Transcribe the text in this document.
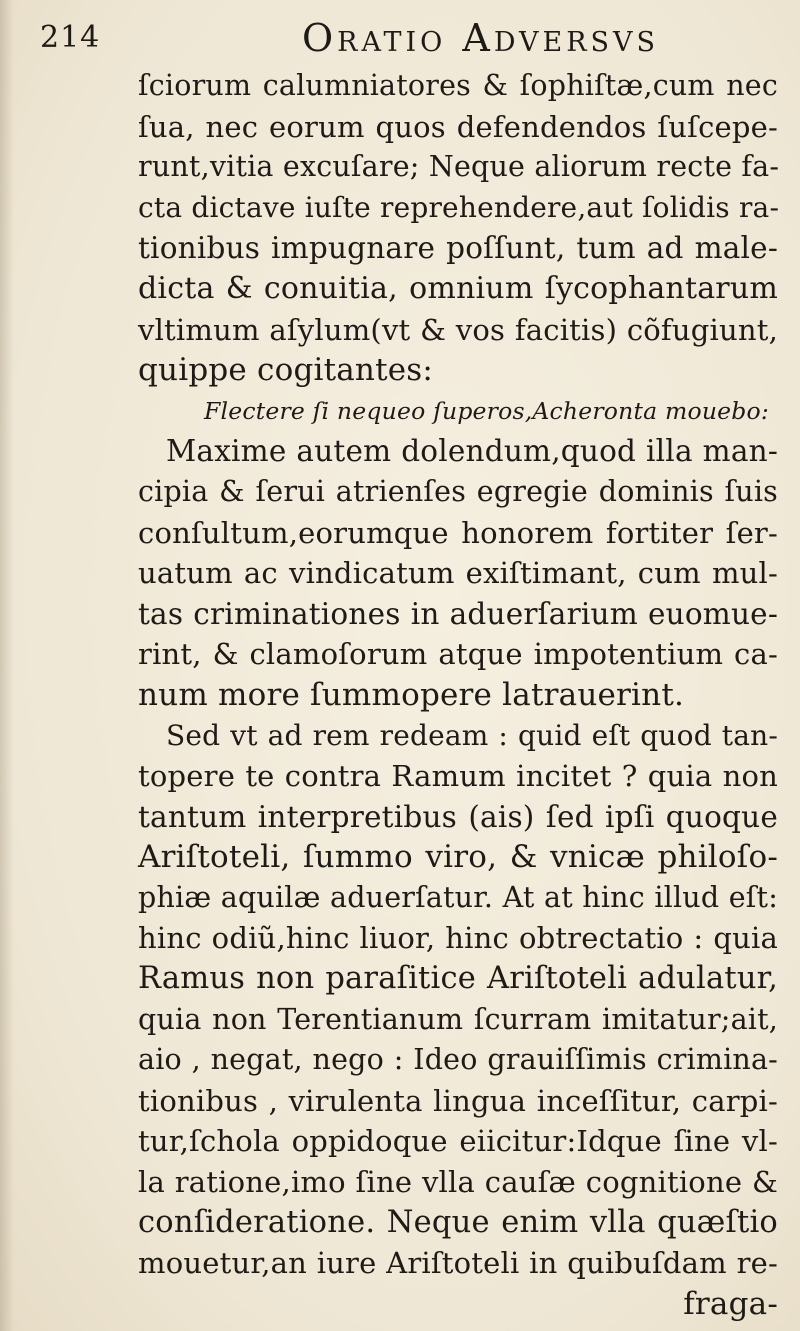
214	Oratio Adversvs
ſciorum calumniatores & ſophiſtæ,cum nec
ſua, nec eorum quos defendendos ſuſcepe-
runt,vitia excuſare; Neque aliorum recte fa-
cta dictave iuſte reprehendere,aut ſolidis ra-
tionibus impugnare poſſunt, tum ad male-
dicta & conuitia, omnium ſycophantarum
vltimum aſylum(vt & vos facitis) cõfugiunt,
quippe cogitantes:
Flectere ſi nequeo ſuperos,Acheronta mouebo:
Maxime autem dolendum,quod illa man-
cipia & ſerui atrienſes egregie dominis ſuis
conſultum,eorumque honorem fortiter ſer-
uatum ac vindicatum exiſtimant, cum mul-
tas criminationes in aduerſarium euomue-
rint, & clamoſorum atque impotentium ca-
num more ſummopere latrauerint.
Sed vt ad rem redeam : quid eſt quod tan-
topere te contra Ramum incitet ? quia non
tantum interpretibus (ais) ſed ipſi quoque
Ariſtoteli, ſummo viro, & vnicæ philoſo-
phiæ aquilæ aduerſatur. At at hinc illud eſt:
hinc odiũ,hinc liuor, hinc obtrectatio : quia
Ramus non paraſitice Ariſtoteli adulatur,
quia non Terentianum ſcurram imitatur;ait,
aio , negat, nego : Ideo grauiſſimis crimina-
tionibus , virulenta lingua inceſſitur, carpi-
tur,ſchola oppidoque eiicitur:Idque ſine vl-
la ratione,imo ſine vlla cauſæ cognitione &
conſideratione. Neque enim vlla quæſtio
mouetur,an iure Ariſtoteli in quibuſdam re-
fraga-
